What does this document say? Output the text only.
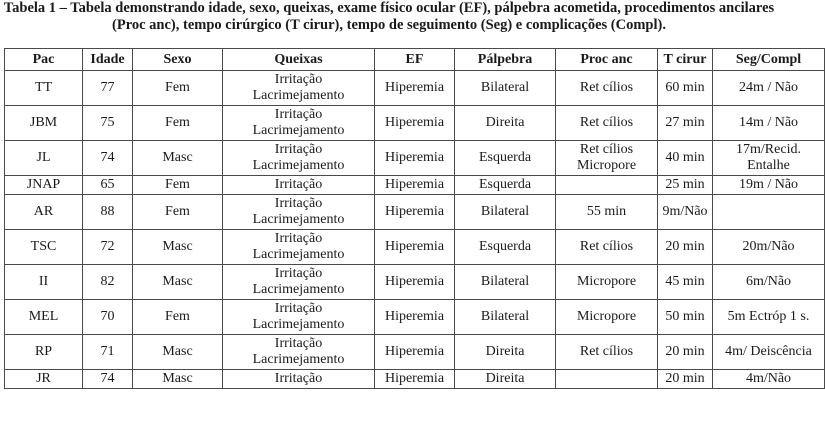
Tabela 1 – Tabela demonstrando idade, sexo, queixas, exame físico ocular (EF), pálpebra acometida, procedimentos ancilares
(Proc anc), tempo cirúrgico (T cirur), tempo de seguimento (Seg) e complicações (Compl).
Pac	Idade	Sexo	Queixas	EF	Pálpebra	Proc anc	T cirur	Seg/Compl
TT	77	Fem	Irritação
Lacrimejamento	Hiperemia	Bilateral	Ret cílios	60 min	24m / Não
JBM	75	Fem	Irritação
Lacrimejamento	Hiperemia	Direita	Ret cílios	27 min	14m / Não
JL	74	Masc	Irritação
Lacrimejamento	Hiperemia	Esquerda	Ret cílios
Micropore	40 min	17m/Recid.
Entalhe
JNAP	65	Fem	Irritação	Hiperemia	Esquerda		25 min	19m / Não
AR	88	Fem	Irritação
Lacrimejamento	Hiperemia	Bilateral	55 min	9m/Não	
TSC	72	Masc	Irritação
Lacrimejamento	Hiperemia	Esquerda	Ret cílios	20 min	20m/Não
II	82	Masc	Irritação
Lacrimejamento	Hiperemia	Bilateral	Micropore	45 min	6m/Não
MEL	70	Fem	Irritação
Lacrimejamento	Hiperemia	Bilateral	Micropore	50 min	5m Ectróp 1 s.
RP	71	Masc	Irritação
Lacrimejamento	Hiperemia	Direita	Ret cílios	20 min	4m/ Deiscência
JR	74	Masc	Irritação	Hiperemia	Direita		20 min	4m/Não
